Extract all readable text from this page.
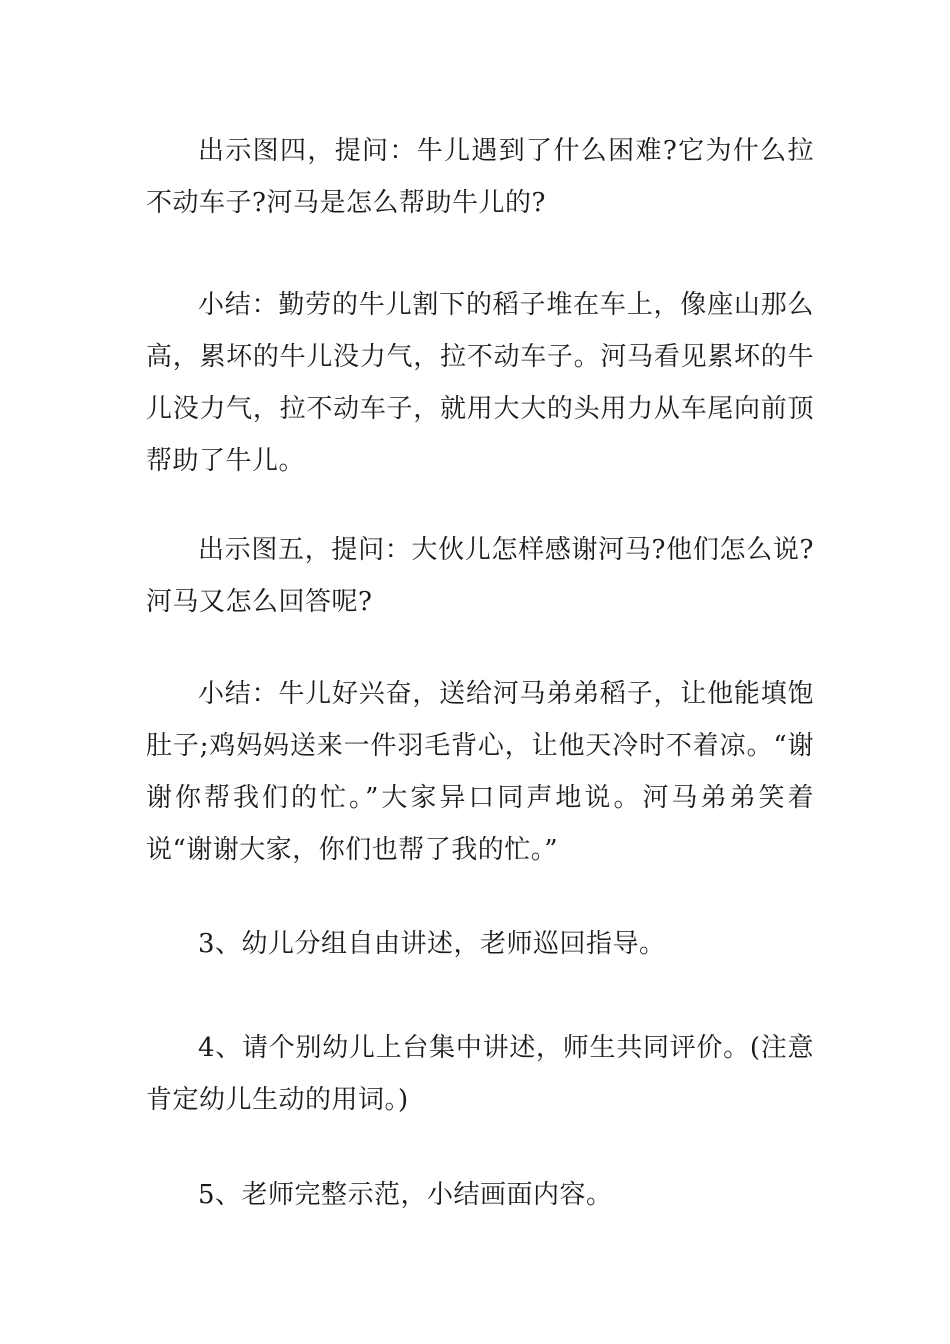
出示图四，提问：牛儿遇到了什么困难?它为什么拉不动车子?河马是怎么帮助牛儿的?

小结：勤劳的牛儿割下的稻子堆在车上，像座山那么高，累坏的牛儿没力气，拉不动车子。河马看见累坏的牛儿没力气，拉不动车子，就用大大的头用力从车尾向前顶帮助了牛儿。

出示图五，提问：大伙儿怎样感谢河马?他们怎么说?河马又怎么回答呢?

小结：牛儿好兴奋，送给河马弟弟稻子，让他能填饱肚子;鸡妈妈送来一件羽毛背心，让他天冷时不着凉。“谢谢你帮我们的忙。”大家异口同声地说。河马弟弟笑着说“谢谢大家，你们也帮了我的忙。”

3、幼儿分组自由讲述，老师巡回指导。

4、请个别幼儿上台集中讲述，师生共同评价。(注意肯定幼儿生动的用词。)

5、老师完整示范，小结画面内容。
